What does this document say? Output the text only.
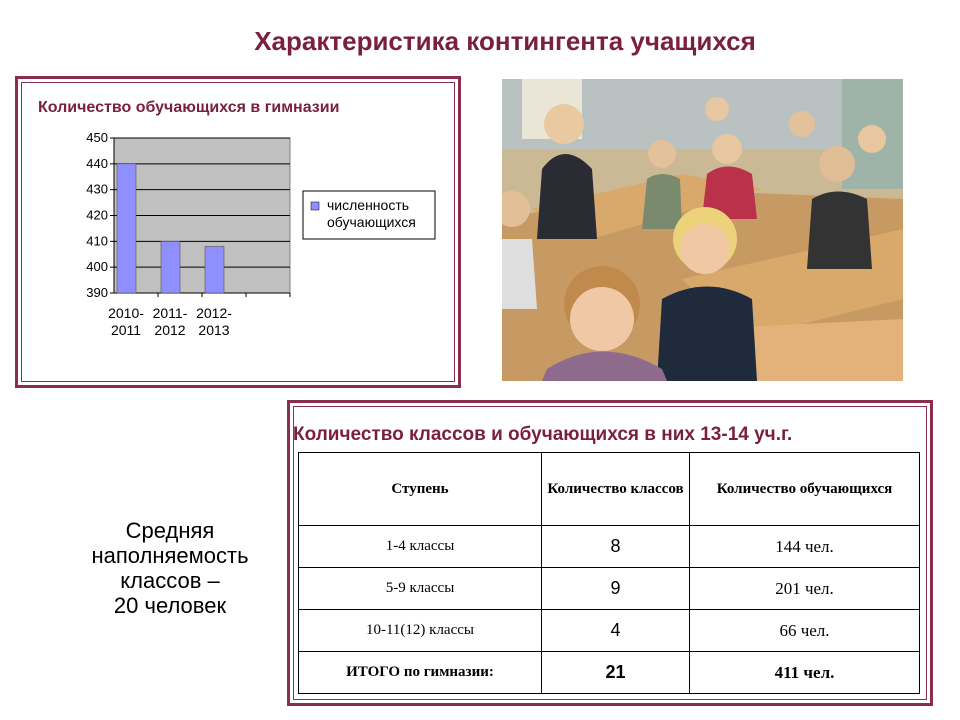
Характеристика контингента учащихся
Количество обучающихся в гимназии
390
400
410
420
430
440
450
2010-
2011
2011-
2012
2012-
2013
численность
обучающихся
Средняя
наполняемость
классов –
20 человек
Количество классов и обучающихся в них 13-14 уч.г.
Ступень	Количество классов	Количество обучающихся
1-4 классы	8	144 чел.
5-9 классы	9	201 чел.
10-11(12) классы	4	66 чел.
ИТОГО по гимназии:	21	411 чел.
